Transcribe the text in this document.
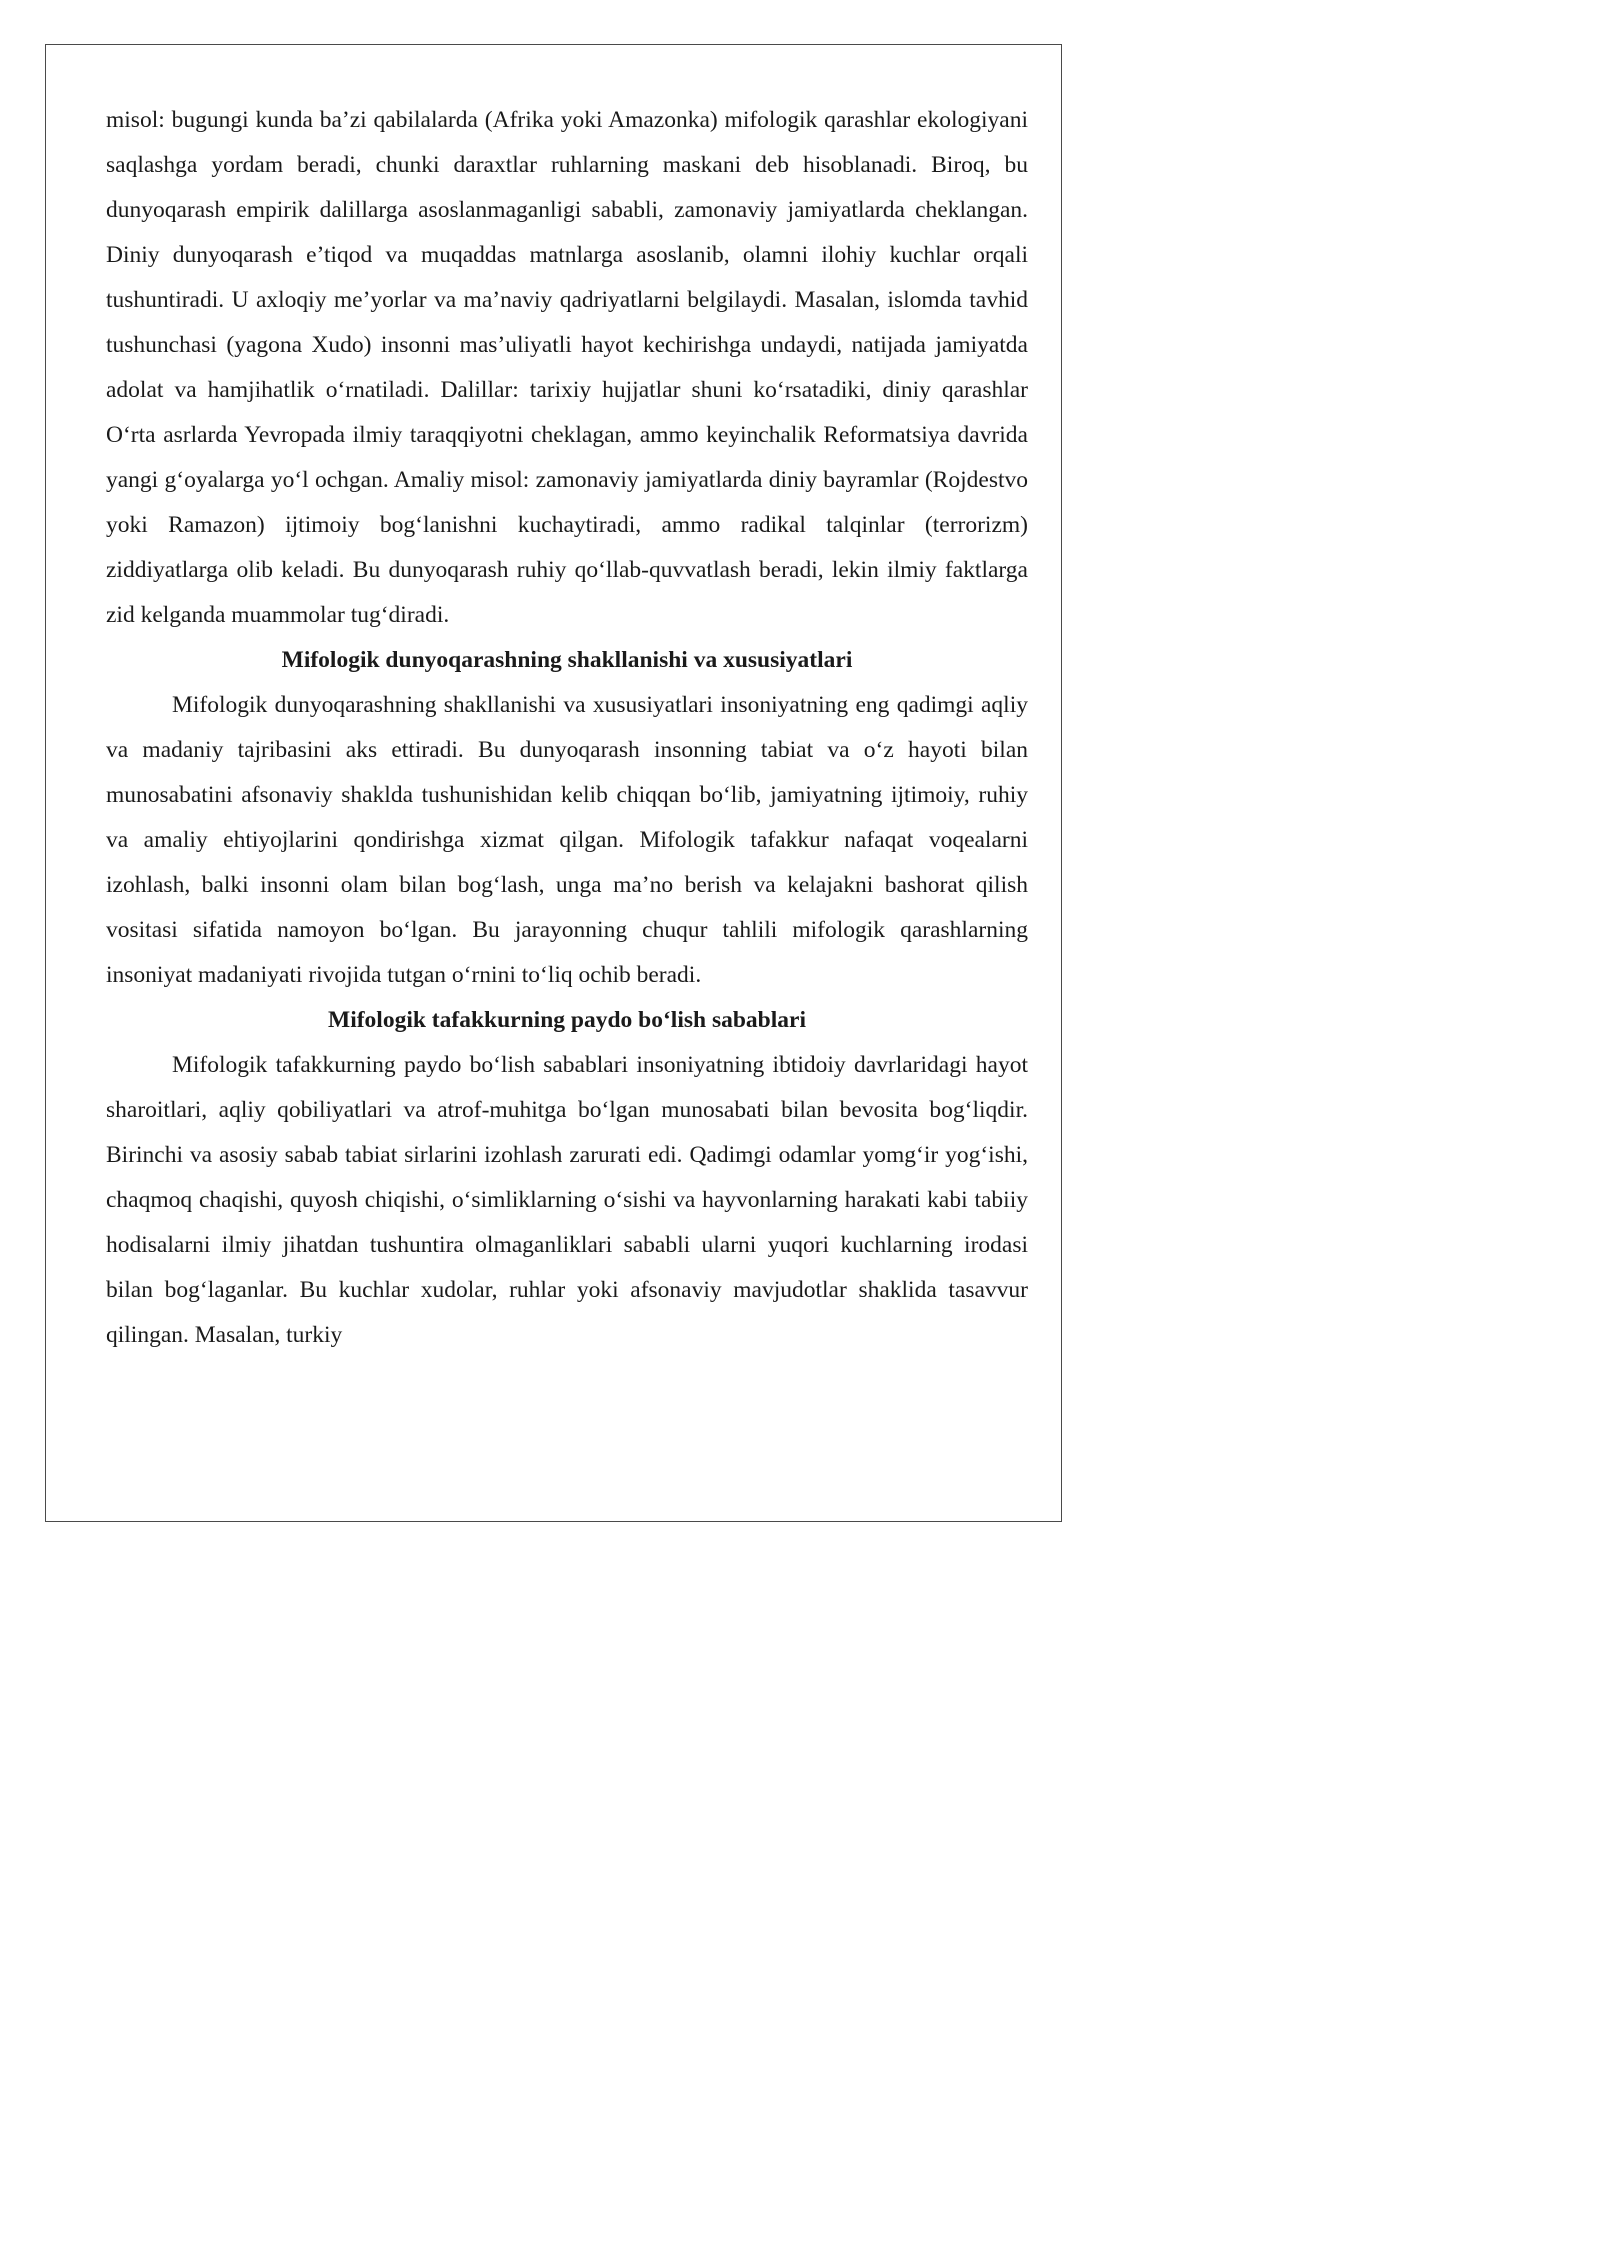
misol: bugungi kunda ba’zi qabilalarda (Afrika yoki Amazonka) mifologik qarashlar ekologiyani saqlashga yordam beradi, chunki daraxtlar ruhlarning maskani deb hisoblanadi. Biroq, bu dunyoqarash empirik dalillarga asoslanmaganligi sababli, zamonaviy jamiyatlarda cheklangan. Diniy dunyoqarash e’tiqod va muqaddas matnlarga asoslanib, olamni ilohiy kuchlar orqali tushuntiradi. U axloqiy me’yorlar va ma’naviy qadriyatlarni belgilaydi. Masalan, islomda tavhid tushunchasi (yagona Xudo) insonni mas’uliyatli hayot kechirishga undaydi, natijada jamiyatda adolat va hamjihatlik oʻrnatiladi. Dalillar: tarixiy hujjatlar shuni koʻrsatadiki, diniy qarashlar Oʻrta asrlarda Yevropada ilmiy taraqqiyotni cheklagan, ammo keyinchalik Reformatsiya davrida yangi gʻoyalarga yoʻl ochgan. Amaliy misol: zamonaviy jamiyatlarda diniy bayramlar (Rojdestvo yoki Ramazon) ijtimoiy bogʻlanishni kuchaytiradi, ammo radikal talqinlar (terrorizm) ziddiyatlarga olib keladi. Bu dunyoqarash ruhiy qoʻllab-quvvatlash beradi, lekin ilmiy faktlarga zid kelganda muammolar tugʻdiradi.

Mifologik dunyoqarashning shakllanishi va xususiyatlari

Mifologik dunyoqarashning shakllanishi va xususiyatlari insoniyatning eng qadimgi aqliy va madaniy tajribasini aks ettiradi. Bu dunyoqarash insonning tabiat va oʻz hayoti bilan munosabatini afsonaviy shaklda tushunishidan kelib chiqqan boʻlib, jamiyatning ijtimoiy, ruhiy va amaliy ehtiyojlarini qondirishga xizmat qilgan. Mifologik tafakkur nafaqat voqealarni izohlash, balki insonni olam bilan bogʻlash, unga ma’no berish va kelajakni bashorat qilish vositasi sifatida namoyon boʻlgan. Bu jarayonning chuqur tahlili mifologik qarashlarning insoniyat madaniyati rivojida tutgan oʻrnini toʻliq ochib beradi.

Mifologik tafakkurning paydo boʻlish sabablari

Mifologik tafakkurning paydo boʻlish sabablari insoniyatning ibtidoiy davrlaridagi hayot sharoitlari, aqliy qobiliyatlari va atrof-muhitga boʻlgan munosabati bilan bevosita bogʻliqdir. Birinchi va asosiy sabab tabiat sirlarini izohlash zarurati edi. Qadimgi odamlar yomgʻir yogʻishi, chaqmoq chaqishi, quyosh chiqishi, oʻsimliklarning oʻsishi va hayvonlarning harakati kabi tabiiy hodisalarni ilmiy jihatdan tushuntira olmaganliklari sababli ularni yuqori kuchlarning irodasi bilan bogʻlaganlar. Bu kuchlar xudolar, ruhlar yoki afsonaviy mavjudotlar shaklida tasavvur qilingan. Masalan, turkiy
